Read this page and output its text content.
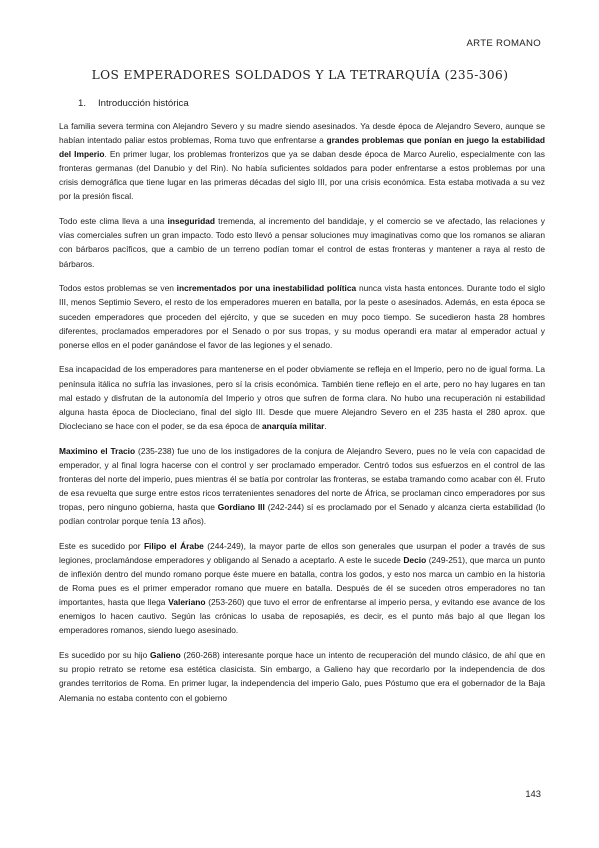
ARTE ROMANO
LOS EMPERADORES SOLDADOS Y LA TETRARQUÍA (235-306)
1. Introducción histórica

La familia severa termina con Alejandro Severo y su madre siendo asesinados. Ya desde época de Alejandro Severo, aunque se habían intentado paliar estos problemas, Roma tuvo que enfrentarse a grandes problemas que ponían en juego la estabilidad del Imperio. En primer lugar, los problemas fronterizos que ya se daban desde época de Marco Aurelio, especialmente con las fronteras germanas (del Danubio y del Rin). No había suficientes soldados para poder enfrentarse a estos problemas por una crisis demográfica que tiene lugar en las primeras décadas del siglo III, por una crisis económica. Esta estaba motivada a su vez por la presión fiscal.

Todo este clima lleva a una inseguridad tremenda, al incremento del bandidaje, y el comercio se ve afectado, las relaciones y vías comerciales sufren un gran impacto. Todo esto llevó a pensar soluciones muy imaginativas como que los romanos se aliaran con bárbaros pacíficos, que a cambio de un terreno podían tomar el control de estas fronteras y mantener a raya al resto de bárbaros.

Todos estos problemas se ven incrementados por una inestabilidad política nunca vista hasta entonces. Durante todo el siglo III, menos Septimio Severo, el resto de los emperadores mueren en batalla, por la peste o asesinados. Además, en esta época se suceden emperadores que proceden del ejército, y que se suceden en muy poco tiempo. Se sucedieron hasta 28 hombres diferentes, proclamados emperadores por el Senado o por sus tropas, y su modus operandi era matar al emperador actual y ponerse ellos en el poder ganándose el favor de las legiones y el senado.

Esa incapacidad de los emperadores para mantenerse en el poder obviamente se refleja en el Imperio, pero no de igual forma. La península itálica no sufría las invasiones, pero sí la crisis económica. También tiene reflejo en el arte, pero no hay lugares en tan mal estado y disfrutan de la autonomía del Imperio y otros que sufren de forma clara. No hubo una recuperación ni estabilidad alguna hasta época de Diocleciano, final del siglo III. Desde que muere Alejandro Severo en el 235 hasta el 280 aprox. que Diocleciano se hace con el poder, se da esa época de anarquía militar.

Maximino el Tracio (235-238) fue uno de los instigadores de la conjura de Alejandro Severo, pues no le veía con capacidad de emperador, y al final logra hacerse con el control y ser proclamado emperador. Centró todos sus esfuerzos en el control de las fronteras del norte del imperio, pues mientras él se batía por controlar las fronteras, se estaba tramando como acabar con él. Fruto de esa revuelta que surge entre estos ricos terratenientes senadores del norte de África, se proclaman cinco emperadores por sus tropas, pero ninguno gobierna, hasta que Gordiano III (242-244) sí es proclamado por el Senado y alcanza cierta estabilidad (lo podían controlar porque tenía 13 años).

Este es sucedido por Filipo el Árabe (244-249), la mayor parte de ellos son generales que usurpan el poder a través de sus legiones, proclamándose emperadores y obligando al Senado a aceptarlo. A este le sucede Decio (249-251), que marca un punto de inflexión dentro del mundo romano porque éste muere en batalla, contra los godos, y esto nos marca un cambio en la historia de Roma pues es el primer emperador romano que muere en batalla. Después de él se suceden otros emperadores no tan importantes, hasta que llega Valeriano (253-260) que tuvo el error de enfrentarse al imperio persa, y evitando ese avance de los enemigos lo hacen cautivo. Según las crónicas lo usaba de reposapiés, es decir, es el punto más bajo al que llegan los emperadores romanos, siendo luego asesinado.

Es sucedido por su hijo Galieno (260-268) interesante porque hace un intento de recuperación del mundo clásico, de ahí que en su propio retrato se retome esa estética clasicista. Sin embargo, a Galieno hay que recordarlo por la independencia de dos grandes territorios de Roma. En primer lugar, la independencia del imperio Galo, pues Póstumo que era el gobernador de la Baja Alemania no estaba contento con el gobierno

143
